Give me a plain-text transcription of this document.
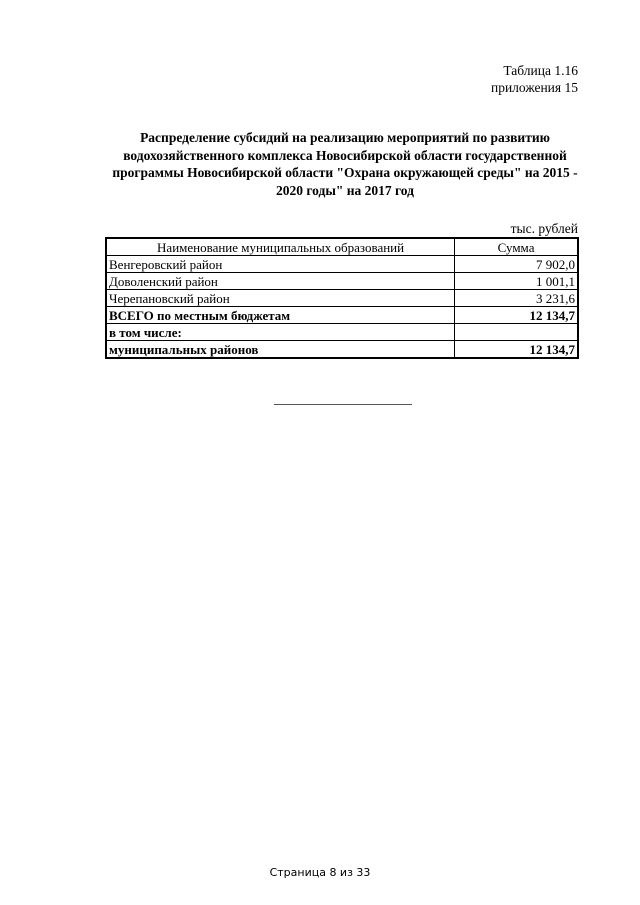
Таблица 1.16
приложения 15
Распределение субсидий на реализацию мероприятий по развитию
водохозяйственного комплекса Новосибирской области государственной
программы Новосибирской области "Охрана окружающей среды" на 2015 -
2020 годы" на 2017 год
тыс. рублей
Наименование муниципальных образований	Сумма
Венгеровский район	7 902,0
Доволенский район	1 001,1
Черепановский район	3 231,6
ВСЕГО по местным бюджетам	12 134,7
в том числе:	
муниципальных районов	12 134,7
Страница 8 из 33
